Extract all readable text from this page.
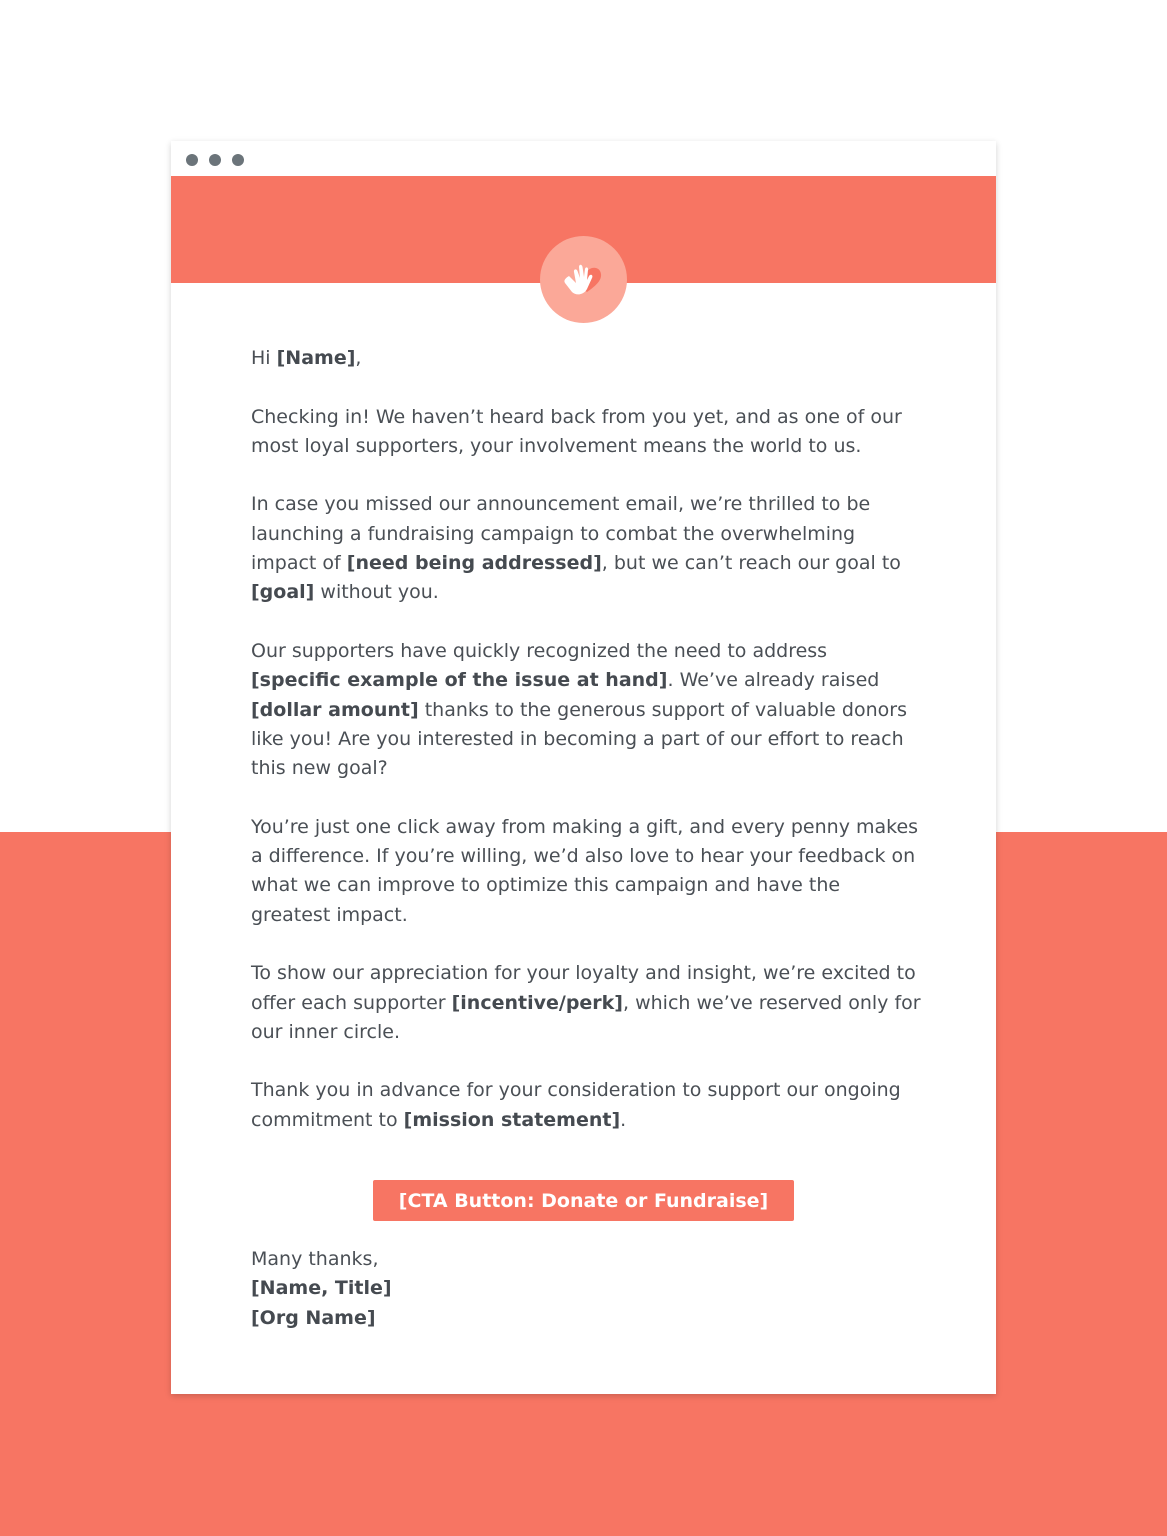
Hi [Name],

Checking in! We haven’t heard back from you yet, and as one of our most loyal supporters, your involvement means the world to us.

In case you missed our announcement email, we’re thrilled to be launching a fundraising campaign to combat the overwhelming impact of [need being addressed], but we can’t reach our goal to [goal] without you.

Our supporters have quickly recognized the need to address [specific example of the issue at hand]. We’ve already raised [dollar amount] thanks to the generous support of valuable donors like you! Are you interested in becoming a part of our effort to reach this new goal?

You’re just one click away from making a gift, and every penny makes a difference. If you’re willing, we’d also love to hear your feedback on what we can improve to optimize this campaign and have the greatest impact.

To show our appreciation for your loyalty and insight, we’re excited to offer each supporter [incentive/perk], which we’ve reserved only for our inner circle.

Thank you in advance for your consideration to support our ongoing commitment to [mission statement].

[CTA Button: Donate or Fundraise]
Many thanks,
[Name, Title]
[Org Name]
